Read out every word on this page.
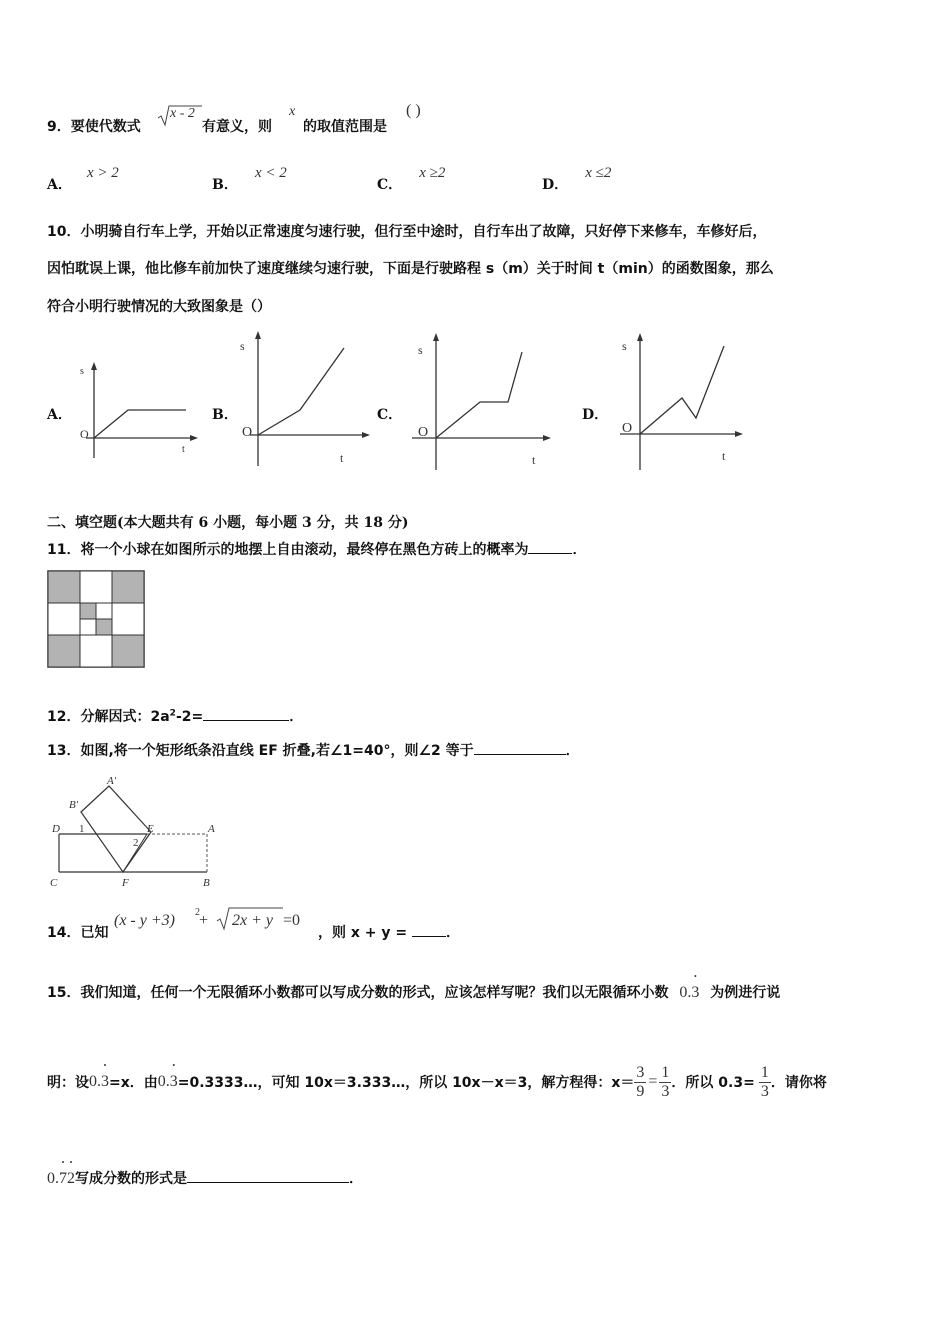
9．要使代数式
x - 2
有意义，则
x
的取值范围是
( )
A． x > 2
B． x < 2
C． x ≥2
D． x ≤2
10．小明骑自行车上学，开始以正常速度匀速行驶，但行至中途时，自行车出了故障，只好停下来修车，车修好后，
因怕耽误上课，他比修车前加快了速度继续匀速行驶，下面是行驶路程 s（m）关于时间 t（min）的函数图象，那么
符合小明行驶情况的大致图象是（）
A．
s
O
t
B．
s
O
t
C．
s
O
t
D．
s
O
t
二、填空题(本大题共有 6 小题，每小题 3 分，共 18 分)
11．将一个小球在如图所示的地摆上自由滚动，最终停在黑色方砖上的概率为	．
12．分解因式：$2a^2-2=$	．
13．如图,将一个矩形纸条沿直线 EF 折叠,若∠1=40°，则∠2 等于	．
A′
B′
D 1	E	A
2
C	F	B
14．已知
(x - y +3) 2 + 2x + y =0
，则 x + y = ．
15．我们知道，任何一个无限循环小数都可以写成分数的形式，应该怎样写呢？我们以无限循环小数 0.• 3 为例进行说
明：设 0.• 3 =x．由 0.• 3 =0.3333…，可知 10x＝3.333…，所以 10x－x＝3，解方程得：$x= \frac{3}{9} = \frac{1}{3}$ ．所以 $0.3= \frac{1}{3}$ ．请你将
0.• 7• 2写成分数的形式是	．
